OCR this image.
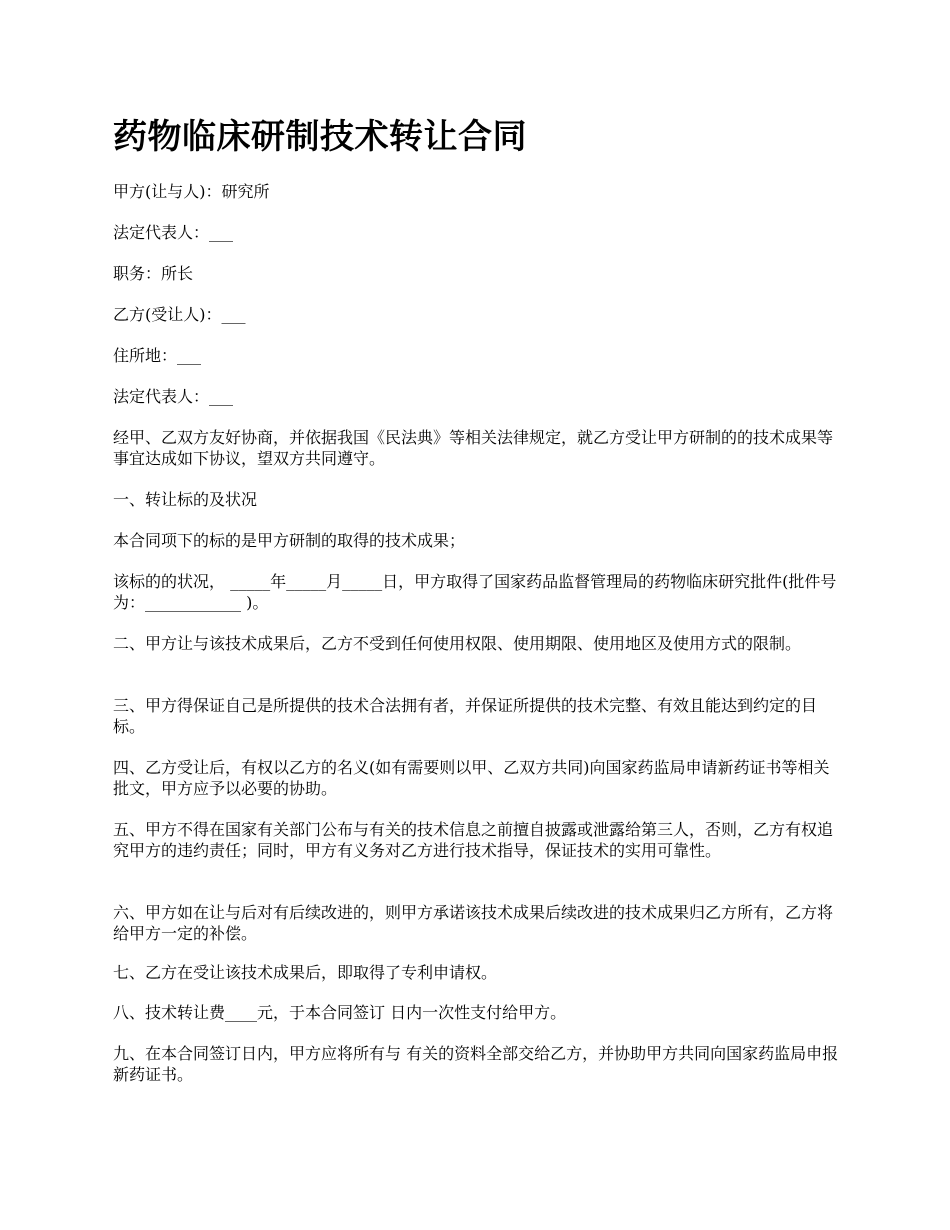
药物临床研制技术转让合同
甲方(让与人)：研究所
法定代表人：___
职务：所长
乙方(受让人)：___
住所地：___
法定代表人：___
经甲、乙双方友好协商，并依据我国《民法典》等相关法律规定，就乙方受让甲方研制的的技术成果等事宜达成如下协议，望双方共同遵守。
一、转让标的及状况
本合同项下的标的是甲方研制的取得的技术成果；
该标的的状况， _____年_____月_____日，甲方取得了国家药品监督管理局的药物临床研究批件(批件号为：____________ )。
二、甲方让与该技术成果后，乙方不受到任何使用权限、使用期限、使用地区及使用方式的限制。
三、甲方得保证自己是所提供的技术合法拥有者，并保证所提供的技术完整、有效且能达到约定的目标。
四、乙方受让后，有权以乙方的名义(如有需要则以甲、乙双方共同)向国家药监局申请新药证书等相关批文，甲方应予以必要的协助。
五、甲方不得在国家有关部门公布与有关的技术信息之前擅自披露或泄露给第三人，否则，乙方有权追究甲方的违约责任；同时，甲方有义务对乙方进行技术指导，保证技术的实用可靠性。
六、甲方如在让与后对有后续改进的，则甲方承诺该技术成果后续改进的技术成果归乙方所有，乙方将给甲方一定的补偿。
七、乙方在受让该技术成果后，即取得了专利申请权。
八、技术转让费____元，于本合同签订 日内一次性支付给甲方。
九、在本合同签订日内，甲方应将所有与 有关的资料全部交给乙方，并协助甲方共同向国家药监局申报新药证书。
